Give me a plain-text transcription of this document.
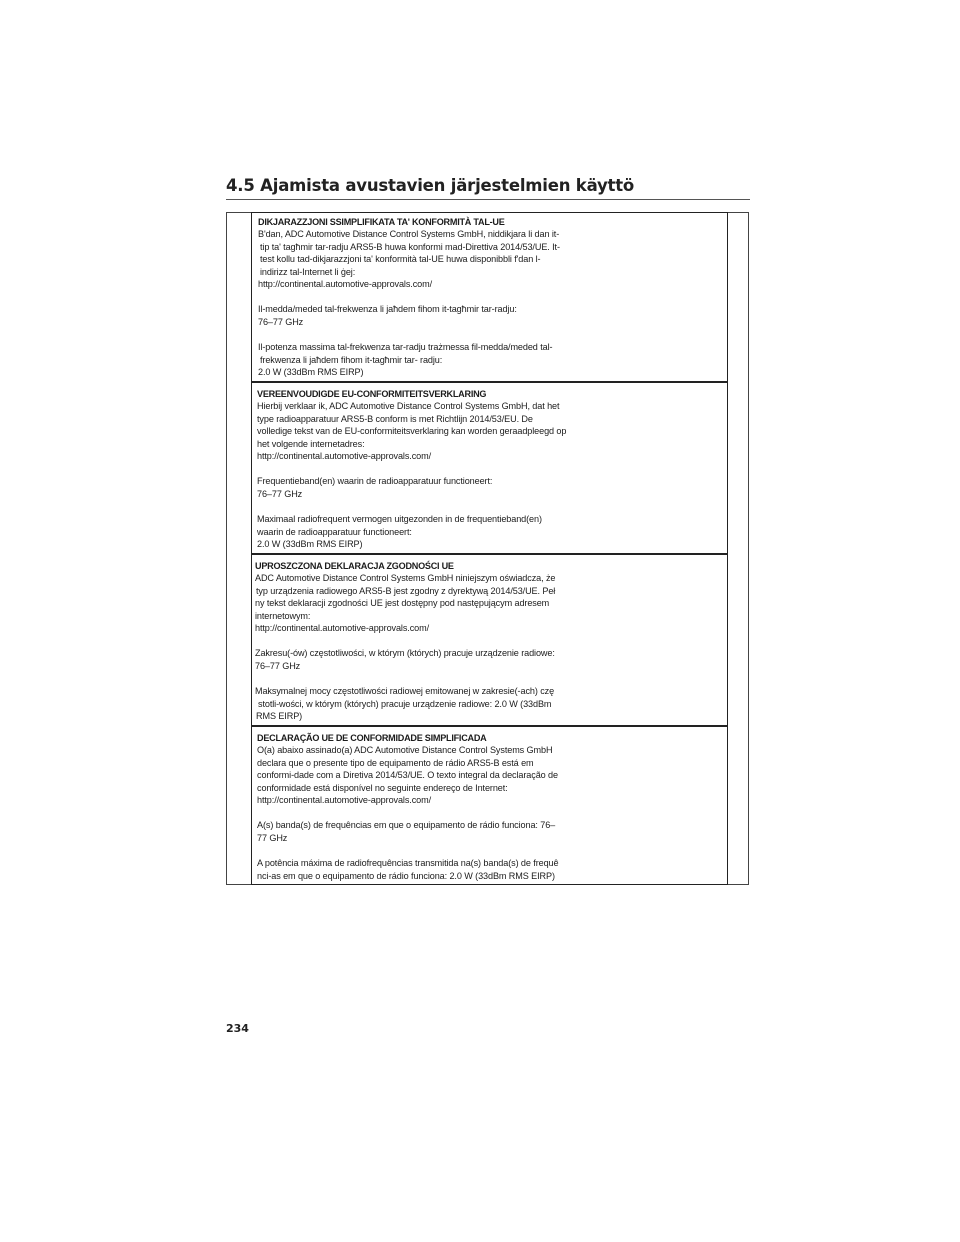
4.5 Ajamista avustavien järjestelmien käyttö
DIKJARAZZJONI SSIMPLIFIKATA TA' KONFORMITÀ TAL-UE
B'dan, ADC Automotive Distance Control Systems GmbH, niddikjara li dan it-
tip ta' tagħmir tar-radju ARS5-B huwa konformi mad-Direttiva 2014/53/UE. It-
test kollu tad-dikjarazzjoni ta' konformità tal-UE huwa disponibbli f'dan l-
indirizz tal-Internet li ġej:
http://continental.automotive-approvals.com/
Il-medda/meded tal-frekwenza li jaħdem fihom it-tagħmir tar-radju:
76–77 GHz
Il-potenza massima tal-frekwenza tar-radju trażmessa fil-medda/meded tal-
frekwenza li jaħdem fihom it-tagħmir tar- radju:
2.0 W (33dBm RMS EIRP)
VEREENVOUDIGDE EU-CONFORMITEITSVERKLARING
Hierbij verklaar ik, ADC Automotive Distance Control Systems GmbH, dat het
type radioapparatuur ARS5-B conform is met Richtlijn 2014/53/EU. De
volledige tekst van de EU-conformiteitsverklaring kan worden geraadpleegd op
het volgende internetadres:
http://continental.automotive-approvals.com/
Frequentieband(en) waarin de radioapparatuur functioneert:
76–77 GHz
Maximaal radiofrequent vermogen uitgezonden in de frequentieband(en)
waarin de radioapparatuur functioneert:
2.0 W (33dBm RMS EIRP)
UPROSZCZONA DEKLARACJA ZGODNOŚCI UE
ADC Automotive Distance Control Systems GmbH niniejszym oświadcza, że
typ urządzenia radiowego ARS5-B jest zgodny z dyrektywą 2014/53/UE. Peł
ny tekst deklaracji zgodności UE jest dostępny pod następującym adresem
internetowym:
http://continental.automotive-approvals.com/
Zakresu(-ów) częstotliwości, w którym (których) pracuje urządzenie radiowe:
76–77 GHz
Maksymalnej mocy częstotliwości radiowej emitowanej w zakresie(-ach) czę
stotli-wości, w którym (których) pracuje urządzenie radiowe: 2.0 W (33dBm
RMS EIRP)
DECLARAÇÃO UE DE CONFORMIDADE SIMPLIFICADA
O(a) abaixo assinado(a) ADC Automotive Distance Control Systems GmbH
declara que o presente tipo de equipamento de rádio ARS5-B está em
conformi-dade com a Diretiva 2014/53/UE. O texto integral da declaração de
conformidade está disponível no seguinte endereço de Internet:
http://continental.automotive-approvals.com/
A(s) banda(s) de frequências em que o equipamento de rádio funciona: 76–
77 GHz
A potência máxima de radiofrequências transmitida na(s) banda(s) de frequê
nci-as em que o equipamento de rádio funciona: 2.0 W (33dBm RMS EIRP)
234
